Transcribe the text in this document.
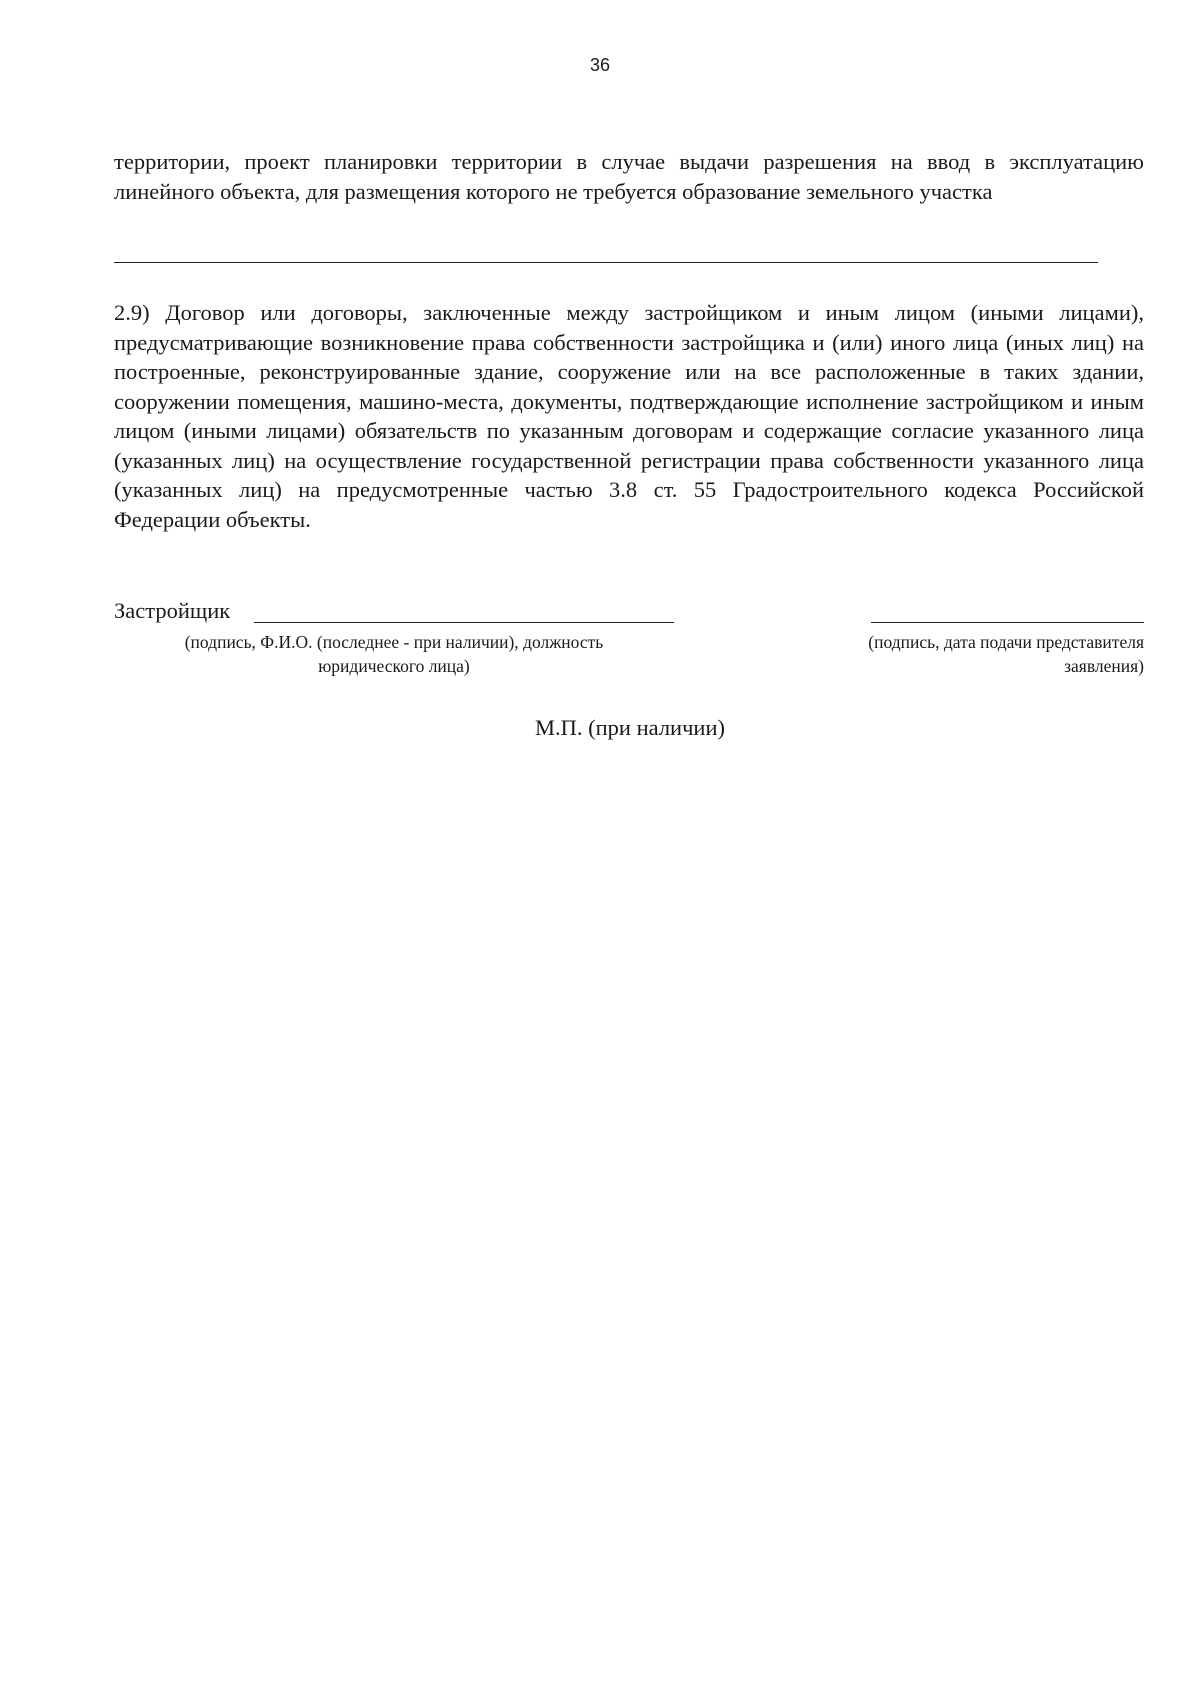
36
территории, проект планировки территории в случае выдачи разрешения на ввод в эксплуатацию линейного объекта, для размещения которого не требуется образование земельного участка
2.9) Договор или договоры, заключенные между застройщиком и иным лицом (иными лицами), предусматривающие возникновение права собственности застройщика и (или) иного лица (иных лиц) на построенные, реконструированные здание, сооружение или на все расположенные в таких здании, сооружении помещения, машино-места, документы, подтверждающие исполнение застройщиком и иным лицом (иными лицами) обязательств по указанным договорам и содержащие согласие указанного лица (указанных лиц) на осуществление государственной регистрации права собственности указанного лица (указанных лиц) на предусмотренные частью 3.8 ст. 55 Градостроительного кодекса Российской Федерации объекты.
Застройщик
(подпись, Ф.И.О. (последнее - при наличии), должность
юридического лица)
(подпись, дата подачи представителя
заявления)
М.П. (при наличии)
